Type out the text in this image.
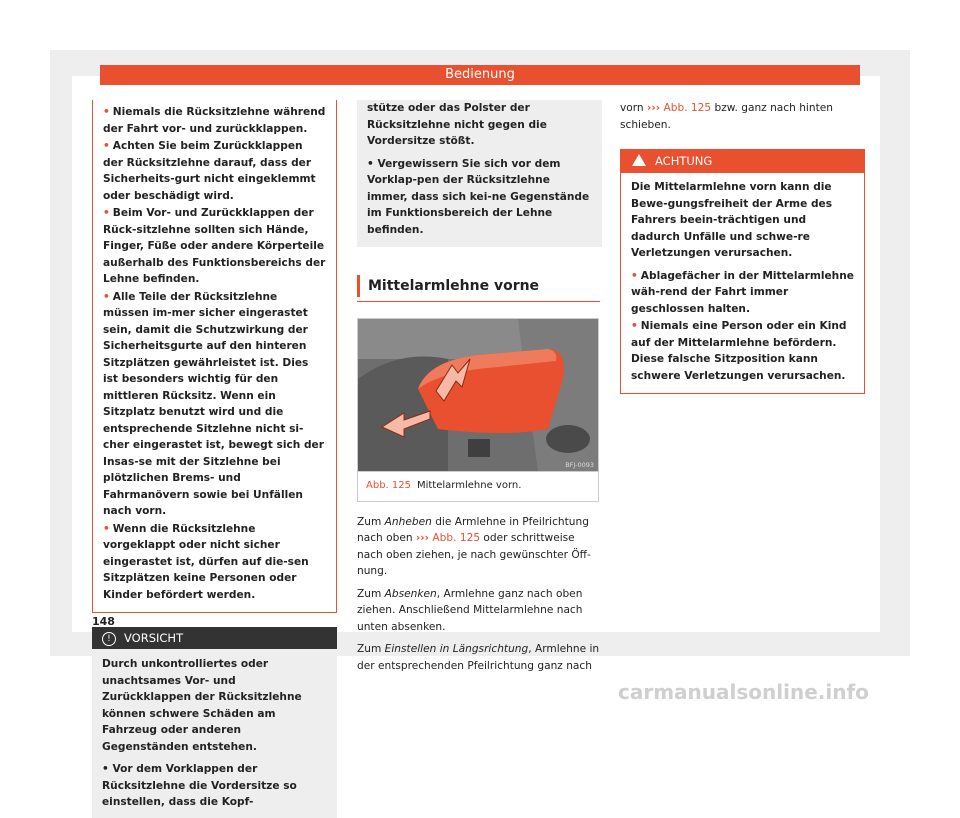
Bedienung
• Niemals die Rücksitzlehne während der Fahrt vor- und zurückklappen.
• Achten Sie beim Zurückklappen der Rücksitzlehne darauf, dass der Sicherheits-gurt nicht eingeklemmt oder beschädigt wird.
• Beim Vor- und Zurückklappen der Rück-sitzlehne sollten sich Hände, Finger, Füße oder andere Körperteile außerhalb des Funktionsbereichs der Lehne befinden.
• Alle Teile der Rücksitzlehne müssen im-mer sicher eingerastet sein, damit die Schutzwirkung der Sicherheitsgurte auf den hinteren Sitzplätzen gewährleistet ist. Dies ist besonders wichtig für den mittleren Rücksitz. Wenn ein Sitzplatz benutzt wird und die entsprechende Sitzlehne nicht si-cher eingerastet ist, bewegt sich der Insas-se mit der Sitzlehne bei plötzlichen Brems- und Fahrmanövern sowie bei Unfällen nach vorn.
• Wenn die Rücksitzlehne vorgeklappt oder nicht sicher eingerastet ist, dürfen auf die-sen Sitzplätzen keine Personen oder Kinder befördert werden.
! VORSICHT
Durch unkontrolliertes oder unachtsames Vor- und Zurückklappen der Rücksitzlehne können schwere Schäden am Fahrzeug oder anderen Gegenständen entstehen.
• Vor dem Vorklappen der Rücksitzlehne die Vordersitze so einstellen, dass die Kopf-
stütze oder das Polster der Rücksitzlehne nicht gegen die Vordersitze stößt.
• Vergewissern Sie sich vor dem Vorklap-pen der Rücksitzlehne immer, dass sich kei-ne Gegenstände im Funktionsbereich der Lehne befinden.
Mittelarmlehne vorne
BFJ-0093
Abb. 125 Mittelarmlehne vorn.
Zum Anheben die Armlehne in Pfeilrichtung nach oben ››› Abb. 125 oder schrittweise nach oben ziehen, je nach gewünschter Öff-nung.
Zum Absenken, Armlehne ganz nach oben ziehen. Anschließend Mittelarmlehne nach unten absenken.
Zum Einstellen in Längsrichtung, Armlehne in der entsprechenden Pfeilrichtung ganz nach
vorn ››› Abb. 125 bzw. ganz nach hinten schieben.
ACHTUNG
Die Mittelarmlehne vorn kann die Bewe-gungsfreiheit der Arme des Fahrers beein-trächtigen und dadurch Unfälle und schwe-re Verletzungen verursachen.
• Ablagefächer in der Mittelarmlehne wäh-rend der Fahrt immer geschlossen halten.
• Niemals eine Person oder ein Kind auf der Mittelarmlehne befördern. Diese falsche Sitzposition kann schwere Verletzungen verursachen.
148
carmanualsonline.info
